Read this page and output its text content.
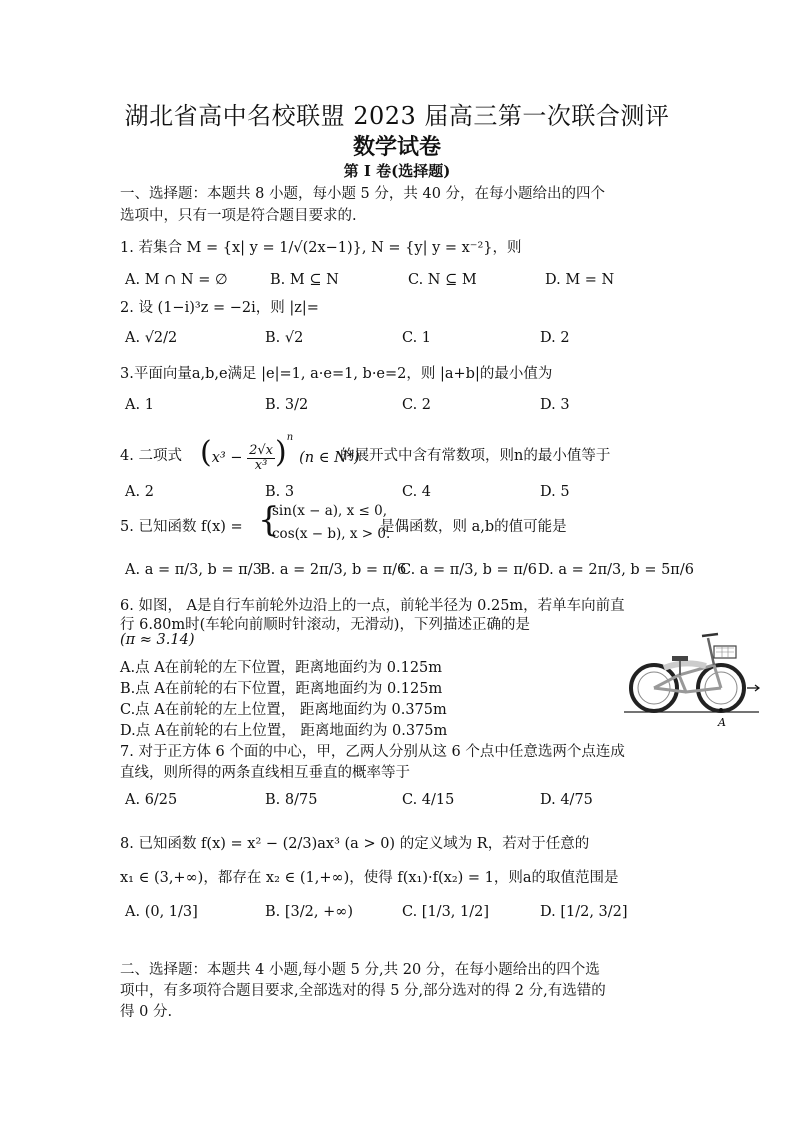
湖北省高中名校联盟 2023 届高三第一次联合测评
数学试卷
第 I 卷(选择题)
一、选择题：本题共 8 小题，每小题 5 分，共 40 分，在每小题给出的四个
选项中，只有一项是符合题目要求的.
1. 若集合 M = {x| y = 1/√(2x−1)}, N = {y| y = x⁻²}，则
A. M ∩ N = ∅	B. M ⊆ N	C. N ⊆ M	D. M = N
2. 设 (1−i)³z = −2i，则 |z|=
A. √2/2	B. √2	C. 1	D. 2
3.平面向量a,b,e满足 |e|=1, a·e=1, b·e=2，则 |a+b|的最小值为
A. 1	B. 3/2	C. 2	D. 3
4. 二项式 $(x^3 - \frac{2√x}{\text{x³}} )^n(n$ ∈ N*)
的展开式中含有常数项，则n的最小值等于
A. 2	B. 3	C. 4	D. 5
5. 已知函数 f(x) = {
sin(x − a), x ≤ 0,
cos(x − b), x > 0.
是偶函数，则 a,b的值可能是
A. a = π/3, b = π/3
B. a = 2π/3, b = π/6
C. a = π/3, b = π/6 D. a = 2π/3, b = 5π/6
6. 如图， A是自行车前轮外边沿上的一点，前轮半径为 0.25m，若单车向前直
行 6.80m时(车轮向前顺时针滚动，无滑动)，下列描述正确的是
(π ≈ 3.14)
A.点 A在前轮的左下位置，距离地面约为 0.125m
B.点 A在前轮的右下位置，距离地面约为 0.125m
C.点 A在前轮的左上位置， 距离地面约为 0.375m
D.点 A在前轮的右上位置， 距离地面约为 0.375m
A
7. 对于正方体 6 个面的中心，甲，乙两人分别从这 6 个点中任意选两个点连成
直线，则所得的两条直线相互垂直的概率等于
A. 6/25	B. 8/75	C. 4/15	D. 4/75
8. 已知函数 f(x) = x² − (2/3)ax³ (a > 0) 的定义域为 R，若对于任意的
x₁ ∈ (3,+∞)，都存在 x₂ ∈ (1,+∞)，使得 f(x₁)·f(x₂) = 1，则a的取值范围是
A. (0, 1/3]	B. [3/2, +∞)	C. [1/3, 1/2]	D. [1/2, 3/2]
二、选择题：本题共 4 小题,每小题 5 分,共 20 分，在每小题给出的四个选
项中，有多项符合题目要求,全部选对的得 5 分,部分选对的得 2 分,有选错的
得 0 分.
